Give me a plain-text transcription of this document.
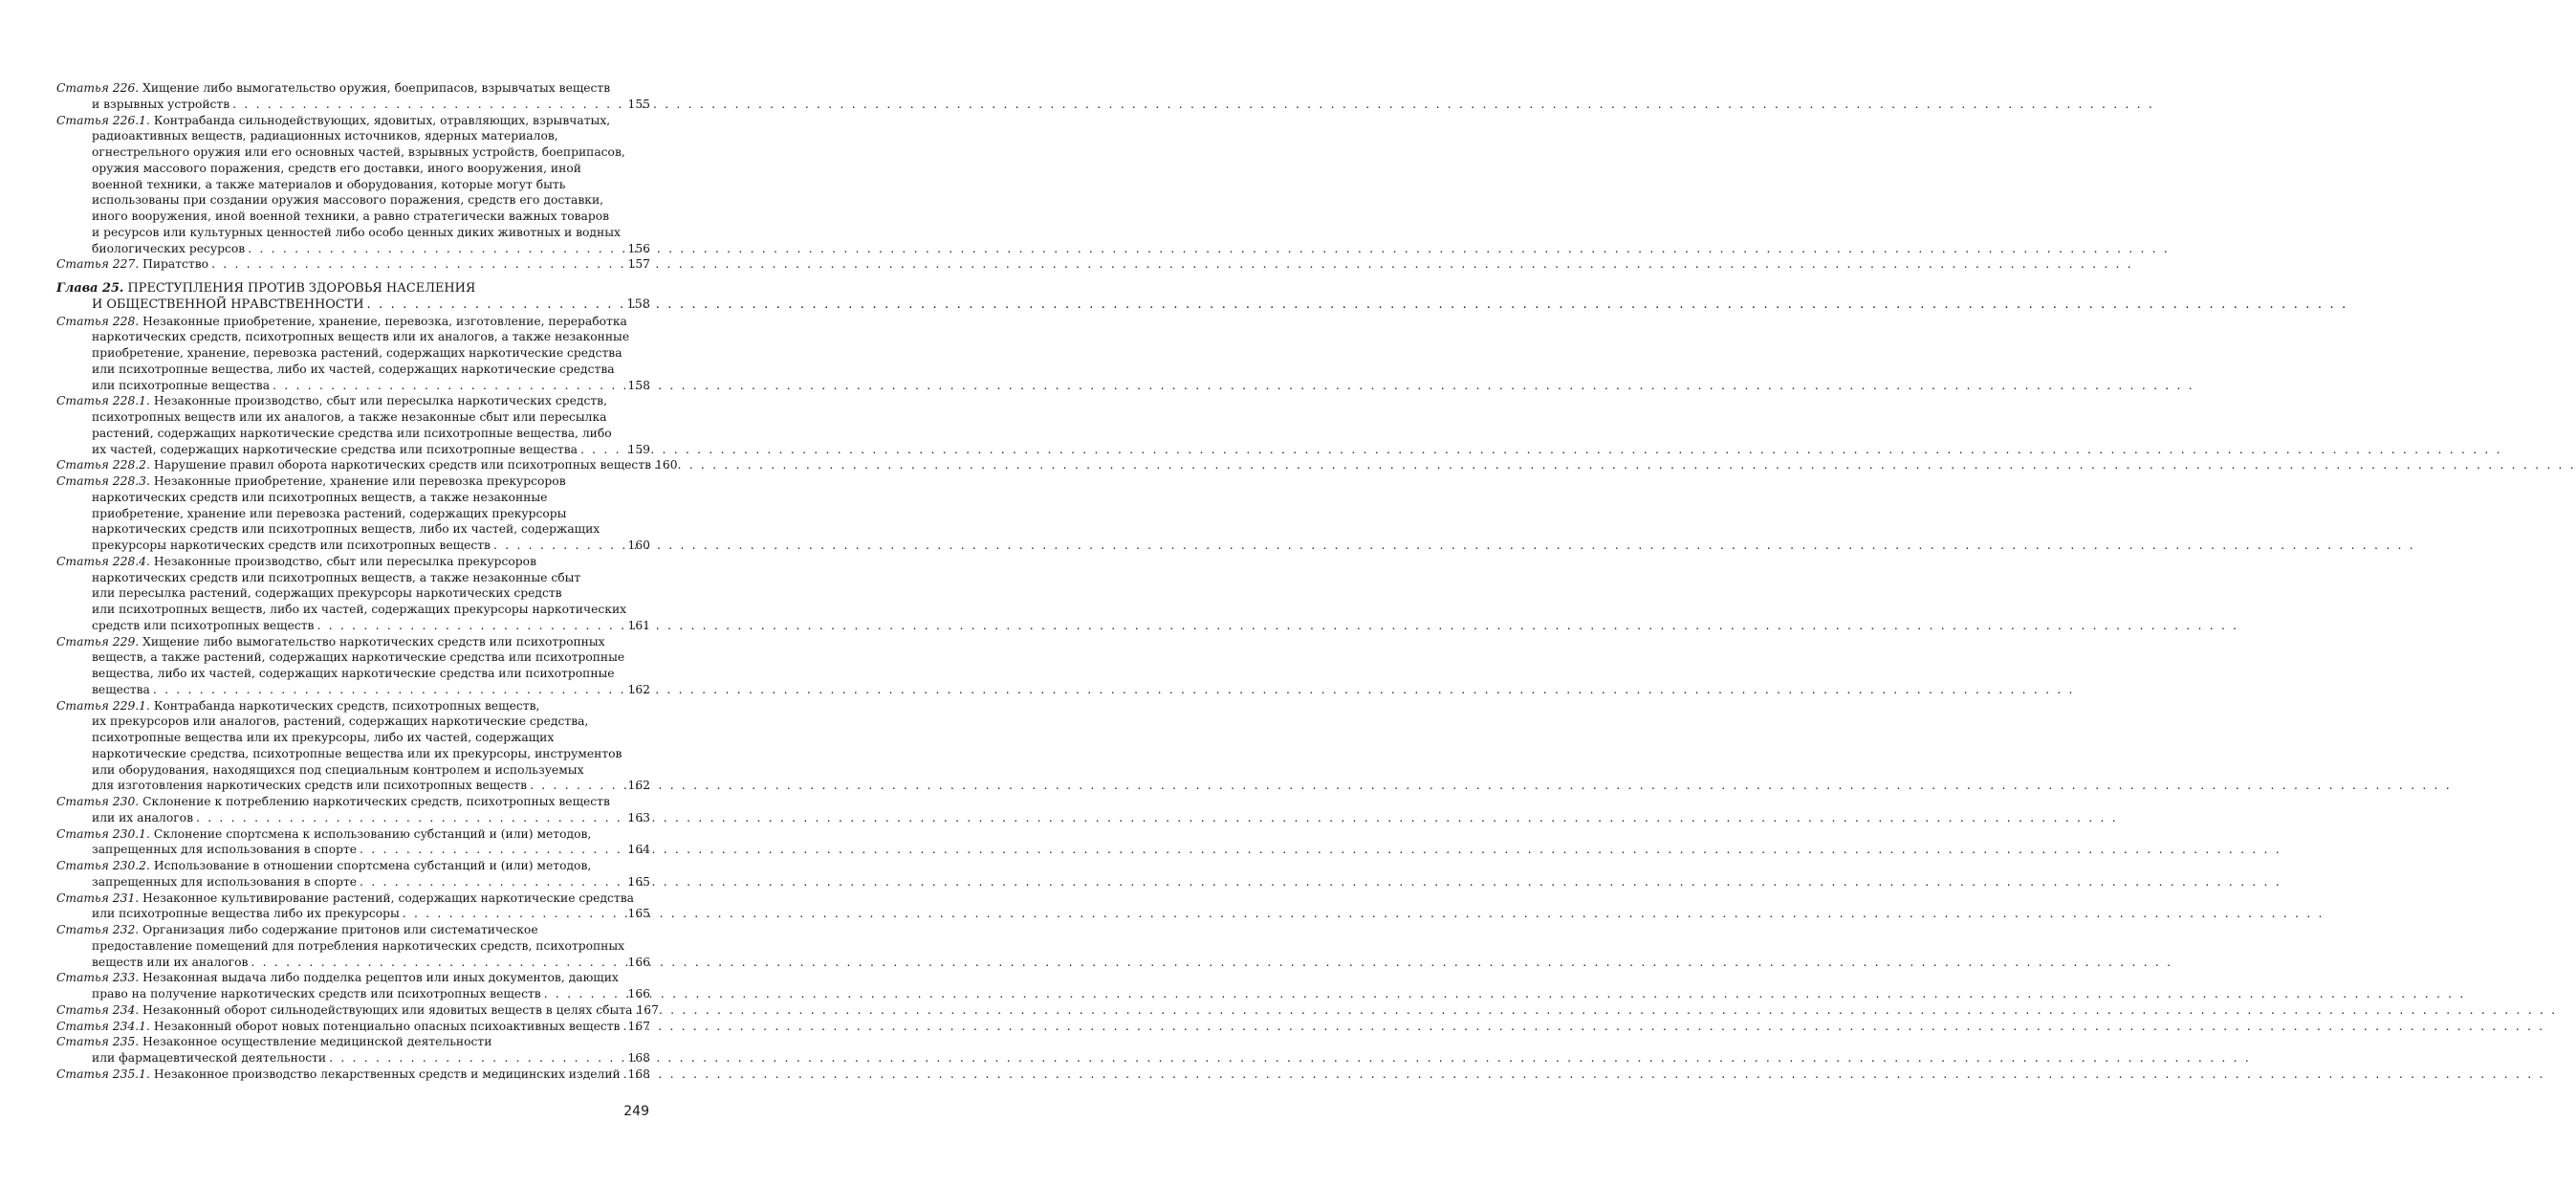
Статья 226. Хищение либо вымогательство оружия, боеприпасов, взрывчатых веществ
и взрывных устройств . . .	155
Статья 226.1. Контрабанда сильнодействующих, ядовитых, отравляющих, взрывчатых,
радиоактивных веществ, радиационных источников, ядерных материалов,
огнестрельного оружия или его основных частей, взрывных устройств, боеприпасов,
оружия массового поражения, средств его доставки, иного вооружения, иной
военной техники, а также материалов и оборудования, которые могут быть
использованы при создании оружия массового поражения, средств его доставки,
иного вооружения, иной военной техники, а равно стратегически важных товаров
и ресурсов или культурных ценностей либо особо ценных диких животных и водных
биологических ресурсов . . .	156
Статья 227. Пиратство . . .	157
Глава 25. ПРЕСТУПЛЕНИЯ ПРОТИВ ЗДОРОВЬЯ НАСЕЛЕНИЯ
И ОБЩЕСТВЕННОЙ НРАВСТВЕННОСТИ . . .	158
Статья 228. Незаконные приобретение, хранение, перевозка, изготовление, переработка
наркотических средств, психотропных веществ или их аналогов, а также незаконные
приобретение, хранение, перевозка растений, содержащих наркотические средства
или психотропные вещества, либо их частей, содержащих наркотические средства
или психотропные вещества . . .	158
Статья 228.1. Незаконные производство, сбыт или пересылка наркотических средств,
психотропных веществ или их аналогов, а также незаконные сбыт или пересылка
растений, содержащих наркотические средства или психотропные вещества, либо
их частей, содержащих наркотические средства или психотропные вещества . . .	159
Статья 228.2. Нарушение правил оборота наркотических средств или психотропных веществ . . . 160
Статья 228.3. Незаконные приобретение, хранение или перевозка прекурсоров
наркотических средств или психотропных веществ, а также незаконные
приобретение, хранение или перевозка растений, содержащих прекурсоры
наркотических средств или психотропных веществ, либо их частей, содержащих
прекурсоры наркотических средств или психотропных веществ . . .	160
Статья 228.4. Незаконные производство, сбыт или пересылка прекурсоров
наркотических средств или психотропных веществ, а также незаконные сбыт
или пересылка растений, содержащих прекурсоры наркотических средств
или психотропных веществ, либо их частей, содержащих прекурсоры наркотических
средств или психотропных веществ . . .	161
Статья 229. Хищение либо вымогательство наркотических средств или психотропных
веществ, а также растений, содержащих наркотические средства или психотропные
вещества, либо их частей, содержащих наркотические средства или психотропные
вещества . . .	162
Статья 229.1. Контрабанда наркотических средств, психотропных веществ,
их прекурсоров или аналогов, растений, содержащих наркотические средства,
психотропные вещества или их прекурсоры, либо их частей, содержащих
наркотические средства, психотропные вещества или их прекурсоры, инструментов
или оборудования, находящихся под специальным контролем и используемых
для изготовления наркотических средств или психотропных веществ . . .	162
Статья 230. Склонение к потреблению наркотических средств, психотропных веществ
или их аналогов . . .	163
Статья 230.1. Склонение спортсмена к использованию субстанций и (или) методов,
запрещенных для использования в спорте . . .	164
Статья 230.2. Использование в отношении спортсмена субстанций и (или) методов,
запрещенных для использования в спорте . . .	165
Статья 231. Незаконное культивирование растений, содержащих наркотические средства
или психотропные вещества либо их прекурсоры . . .	165
Статья 232. Организация либо содержание притонов или систематическое
предоставление помещений для потребления наркотических средств, психотропных
веществ или их аналогов . . .	166
Статья 233. Незаконная выдача либо подделка рецептов или иных документов, дающих
право на получение наркотических средств или психотропных веществ . . .	166
Статья 234. Незаконный оборот сильнодействующих или ядовитых веществ в целях сбыта . . . 167
Статья 234.1. Незаконный оборот новых потенциально опасных психоактивных веществ . . . 167
Статья 235. Незаконное осуществление медицинской деятельности
или фармацевтической деятельности . . .	168
Статья 235.1. Незаконное производство лекарственных средств и медицинских изделий . . . 168
249
